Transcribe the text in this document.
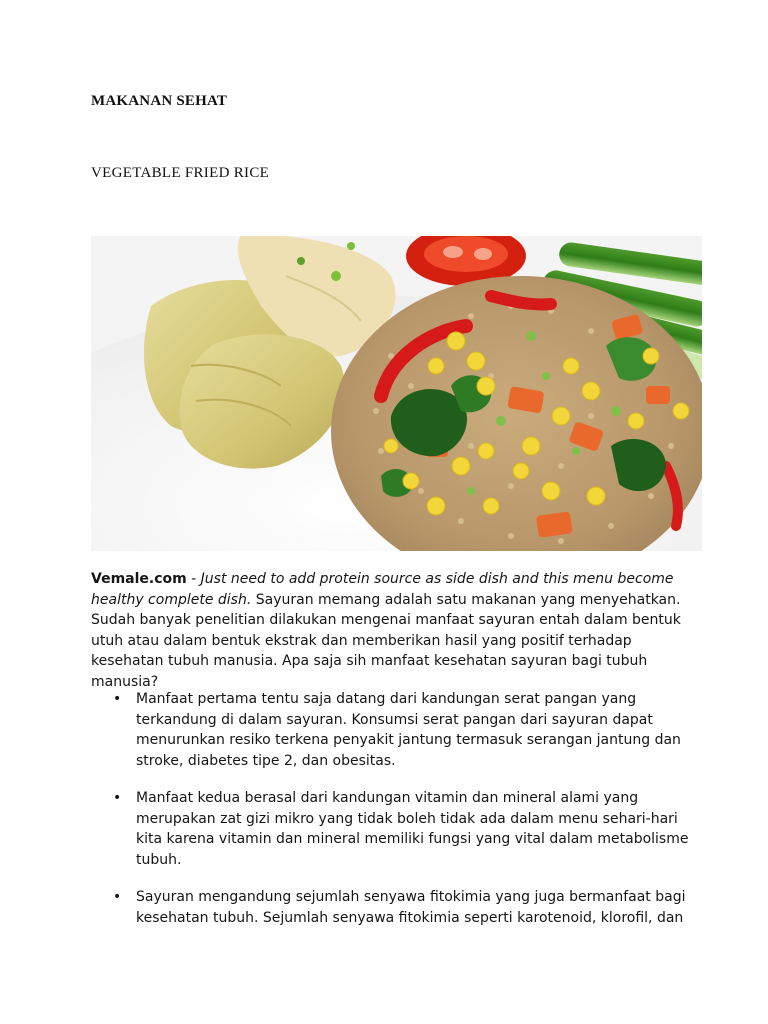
MAKANAN SEHAT
VEGETABLE FRIED RICE

Vemale.com - Just need to add protein source as side dish and this menu become healthy complete dish. Sayuran memang adalah satu makanan yang menyehatkan. Sudah banyak penelitian dilakukan mengenai manfaat sayuran entah dalam bentuk utuh atau dalam bentuk ekstrak dan memberikan hasil yang positif terhadap kesehatan tubuh manusia. Apa saja sih manfaat kesehatan sayuran bagi tubuh manusia?

• Manfaat pertama tentu saja datang dari kandungan serat pangan yang terkandung di dalam sayuran. Konsumsi serat pangan dari sayuran dapat menurunkan resiko terkena penyakit jantung termasuk serangan jantung dan stroke, diabetes tipe 2, dan obesitas.
• Manfaat kedua berasal dari kandungan vitamin dan mineral alami yang merupakan zat gizi mikro yang tidak boleh tidak ada dalam menu sehari-hari kita karena vitamin dan mineral memiliki fungsi yang vital dalam metabolisme tubuh.
• Sayuran mengandung sejumlah senyawa fitokimia yang juga bermanfaat bagi kesehatan tubuh. Sejumlah senyawa fitokimia seperti karotenoid, klorofil, dan
